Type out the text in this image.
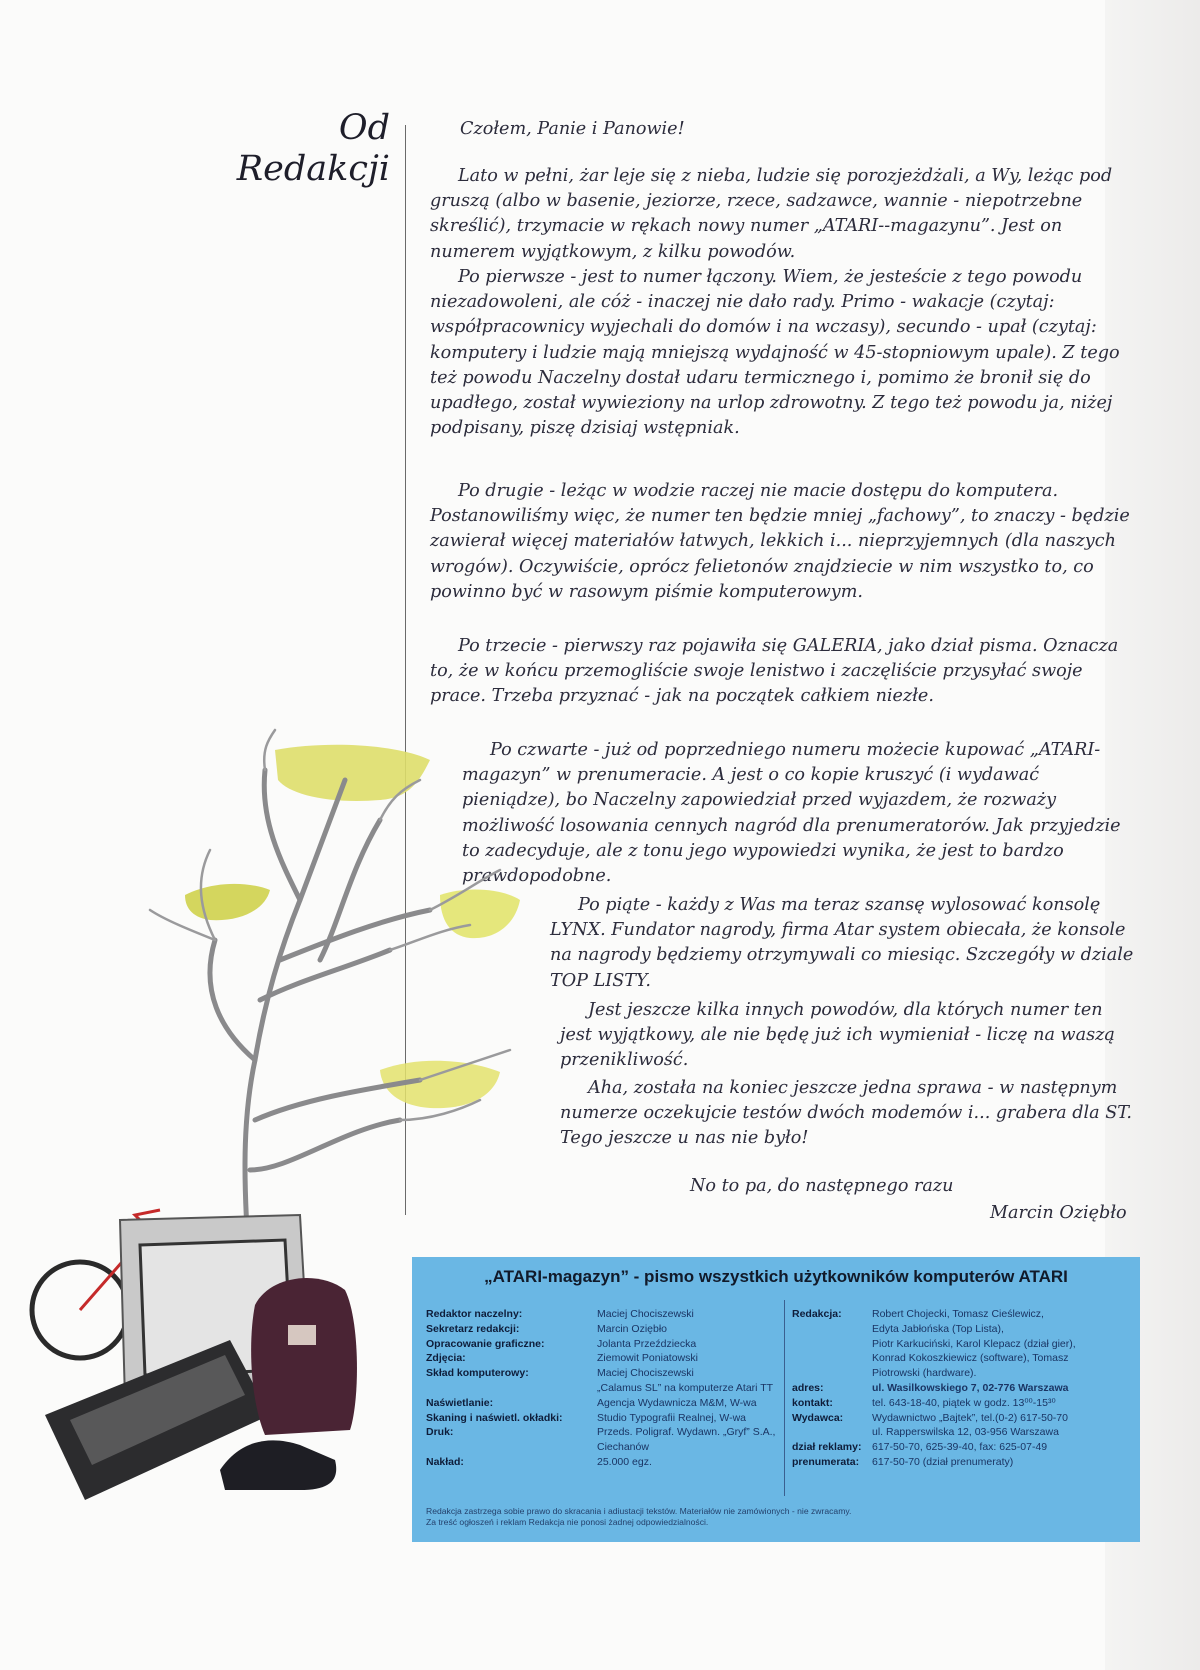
Od
Redakcji

Czołem, Panie i Panowie!

Lato w pełni, żar leje się z nieba, ludzie się porozjeżdżali, a Wy, leżąc pod gruszą (albo w basenie, jeziorze, rzece, sadzawce, wannie - niepotrzebne skreślić), trzymacie w rękach nowy numer „ATARI--magazynu”. Jest on numerem wyjątkowym, z kilku powodów.

Po pierwsze - jest to numer łączony. Wiem, że jesteście z tego powodu niezadowoleni, ale cóż - inaczej nie dało rady. Primo - wakacje (czytaj: współpracownicy wyjechali do domów i na wczasy), secundo - upał (czytaj: komputery i ludzie mają mniejszą wydajność w 45-stopniowym upale). Z tego też powodu Naczelny dostał udaru termicznego i, pomimo że bronił się do upadłego, został wywieziony na urlop zdrowotny. Z tego też powodu ja, niżej podpisany, piszę dzisiaj wstępniak.

Po drugie - leżąc w wodzie raczej nie macie dostępu do komputera. Postanowiliśmy więc, że numer ten będzie mniej „fachowy”, to znaczy - będzie zawierał więcej materiałów łatwych, lekkich i... nieprzyjemnych (dla naszych wrogów). Oczywiście, oprócz felietonów znajdziecie w nim wszystko to, co powinno być w rasowym piśmie komputerowym.

Po trzecie - pierwszy raz pojawiła się GALERIA, jako dział pisma. Oznacza to, że w końcu przemogliście swoje lenistwo i zaczęliście przysyłać swoje prace. Trzeba przyznać - jak na początek całkiem niezłe.

Po czwarte - już od poprzedniego numeru możecie kupować „ATARI-magazyn” w prenumeracie. A jest o co kopie kruszyć (i wydawać pieniądze), bo Naczelny zapowiedział przed wyjazdem, że rozważy możliwość losowania cennych nagród dla prenumeratorów. Jak przyjedzie to zadecyduje, ale z tonu jego wypowiedzi wynika, że jest to bardzo prawdopodobne.

Po piąte - każdy z Was ma teraz szansę wylosować konsolę LYNX. Fundator nagrody, firma Atar system obiecała, że konsole na nagrody będziemy otrzymywali co miesiąc. Szczegóły w dziale TOP LISTY.

Jest jeszcze kilka innych powodów, dla których numer ten jest wyjątkowy, ale nie będę już ich wymieniał - liczę na waszą przenikliwość.

Aha, została na koniec jeszcze jedna sprawa - w następnym numerze oczekujcie testów dwóch modemów i... grabera dla ST. Tego jeszcze u nas nie było!

No to pa, do następnego razu

Marcin Oziębło

„ATARI-magazyn” - pismo wszystkich użytkowników komputerów ATARI
Redaktor naczelny:
Sekretarz redakcji:
Opracowanie graficzne:
Zdjęcia:
Skład komputerowy:

Naświetlanie:
Skaning i naświetl. okładki:
Druk:

Nakład:
Maciej Chociszewski
Marcin Oziębło
Jolanta Przeździecka
Ziemowit Poniatowski
Maciej Chociszewski
„Calamus SL” na komputerze Atari TT
Agencja Wydawnicza M&M, W-wa
Studio Typografii Realnej, W-wa
Przeds. Poligraf. Wydawn. „Gryf” S.A.,
Ciechanów
25.000 egz.
Redakcja:

adres:
kontakt:
Wydawca:

dział reklamy:
prenumerata:
Robert Chojecki, Tomasz Cieślewicz,
Edyta Jabłońska (Top Lista),
Piotr Karkuciński, Karol Klepacz (dział gier),
Konrad Kokoszkiewicz (software), Tomasz
Piotrowski (hardware).
ul. Wasilkowskiego 7, 02-776 Warszawa
tel. 643-18-40, piątek w godz. 13⁰⁰-15³⁰
Wydawnictwo „Bajtek”, tel.(0-2) 617-50-70
ul. Rapperswilska 12, 03-956 Warszawa
617-50-70, 625-39-40, fax: 625-07-49
617-50-70 (dział prenumeraty)
Redakcja zastrzega sobie prawo do skracania i adiustacji tekstów. Materiałów nie zamówionych - nie zwracamy.
Za treść ogłoszeń i reklam Redakcja nie ponosi żadnej odpowiedzialności.
